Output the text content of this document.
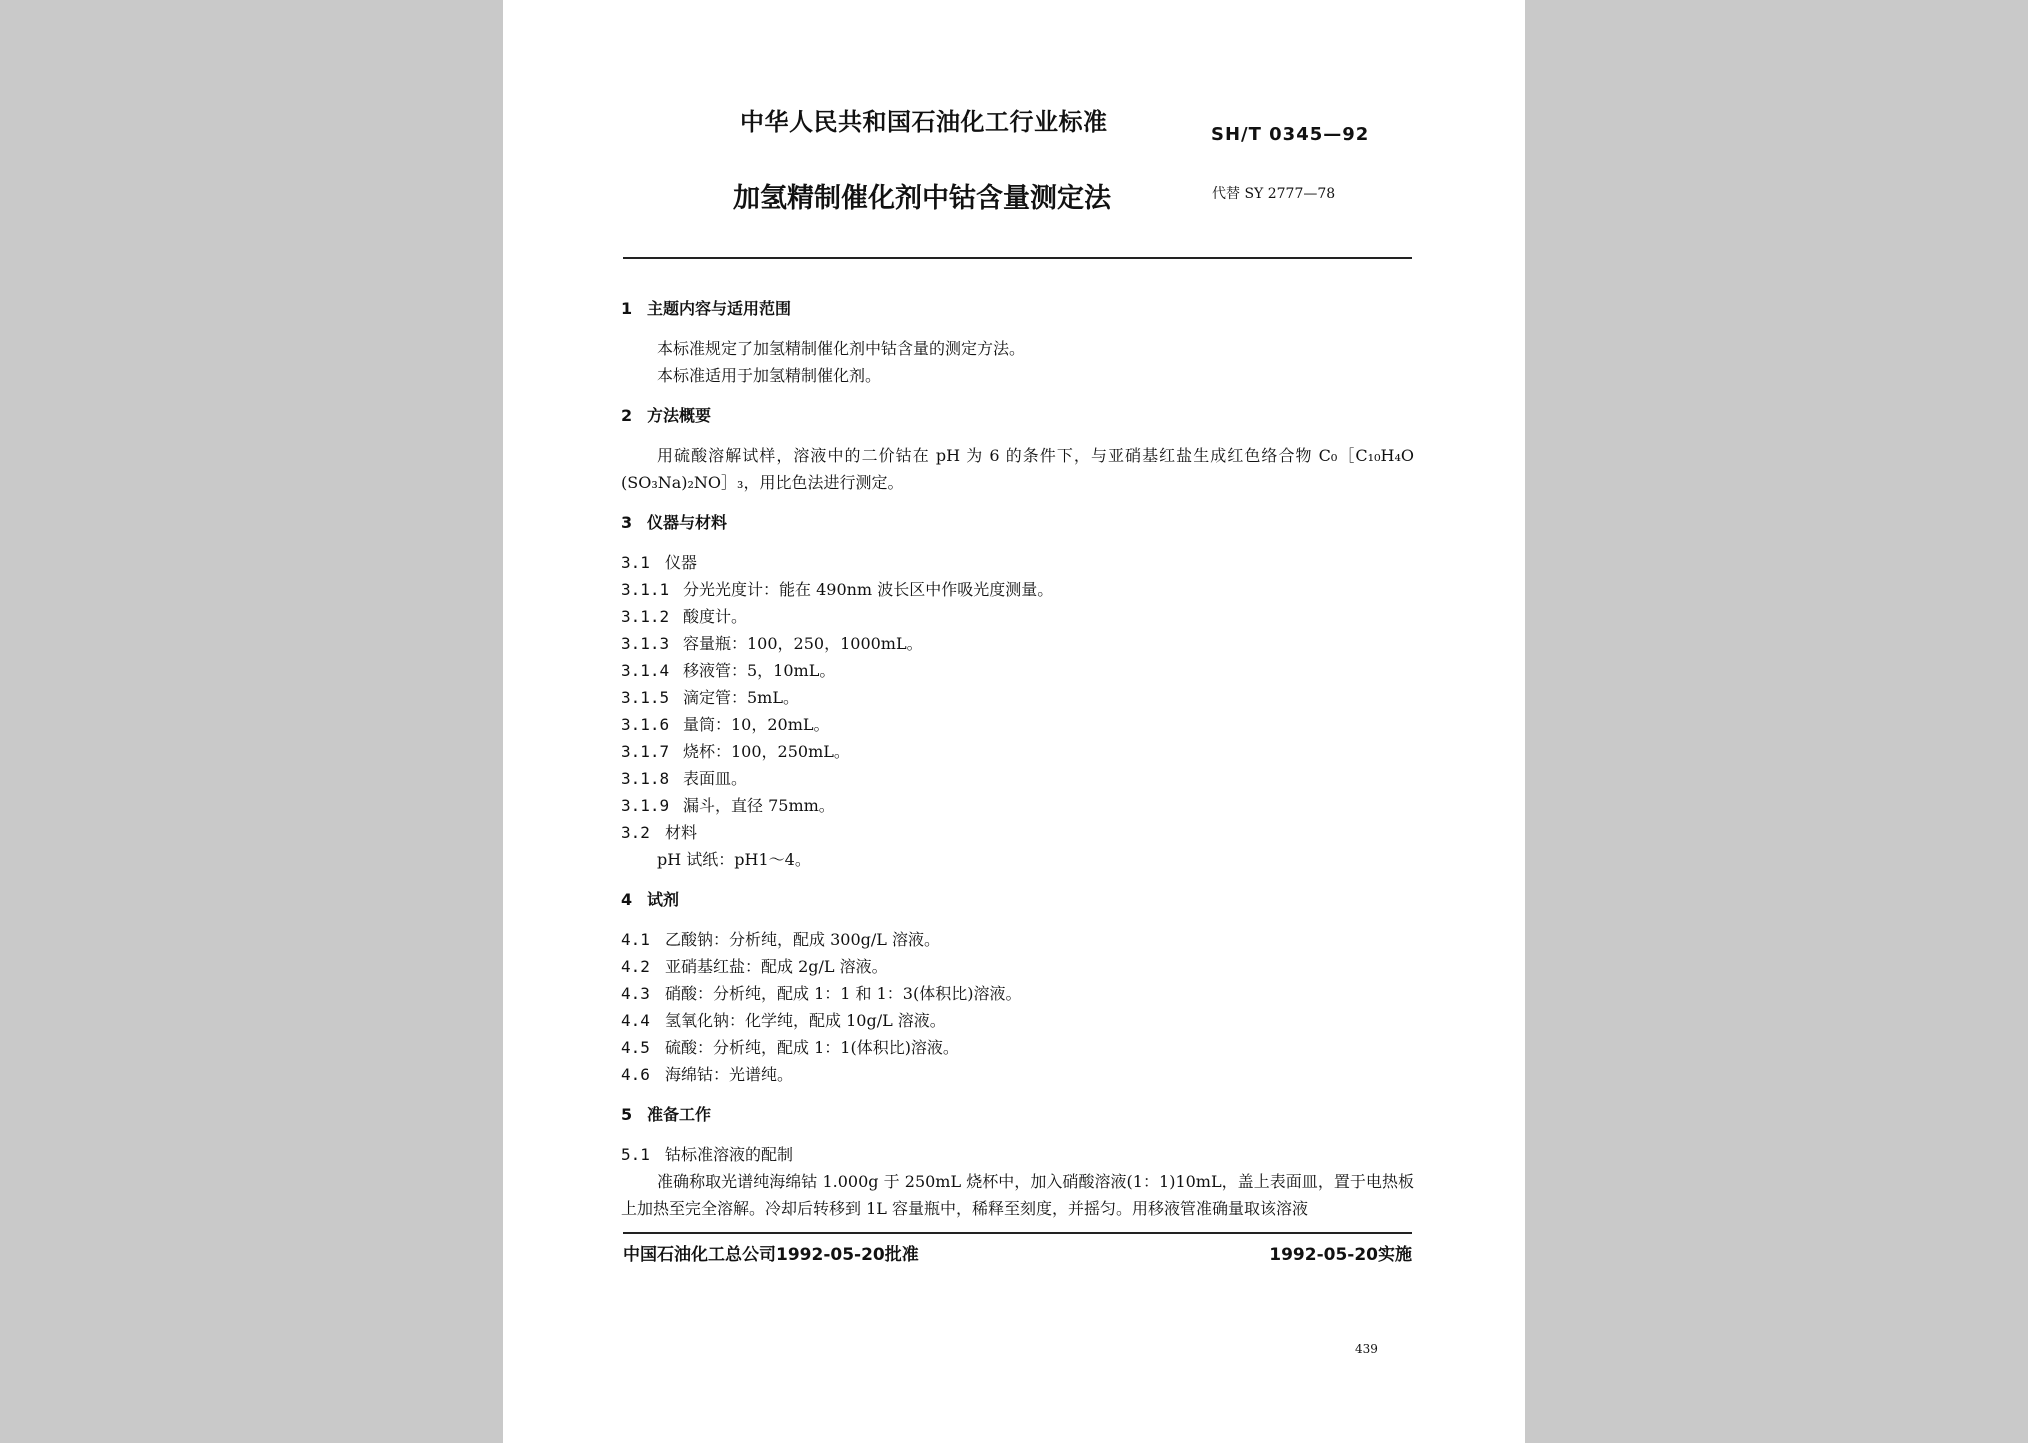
中华人民共和国石油化工行业标准	SH/T 0345—92
加氢精制催化剂中钴含量测定法	代替 SY 2777—78
1 主题内容与适用范围
本标准规定了加氢精制催化剂中钴含量的测定方法。
本标准适用于加氢精制催化剂。
2 方法概要
用硫酸溶解试样，溶液中的二价钴在 pH 为 6 的条件下，与亚硝基红盐生成红色络合物 C₀［C₁₀H₄O (SO₃Na)₂NO］₃，用比色法进行测定。
3 仪器与材料
3.1 仪器
3.1.1 分光光度计：能在 490nm 波长区中作吸光度测量。
3.1.2 酸度计。
3.1.3 容量瓶：100，250，1000mL。
3.1.4 移液管：5，10mL。
3.1.5 滴定管：5mL。
3.1.6 量筒：10，20mL。
3.1.7 烧杯：100，250mL。
3.1.8 表面皿。
3.1.9 漏斗，直径 75mm。
3.2 材料
pH 试纸：pH1～4。
4 试剂
4.1 乙酸钠：分析纯，配成 300g/L 溶液。
4.2 亚硝基红盐：配成 2g/L 溶液。
4.3 硝酸：分析纯，配成 1：1 和 1：3(体积比)溶液。
4.4 氢氧化钠：化学纯，配成 10g/L 溶液。
4.5 硫酸：分析纯，配成 1：1(体积比)溶液。
4.6 海绵钴：光谱纯。
5 准备工作
5.1 钴标准溶液的配制
准确称取光谱纯海绵钴 1.000g 于 250mL 烧杯中，加入硝酸溶液(1：1)10mL，盖上表面皿，置于电热板上加热至完全溶解。冷却后转移到 1L 容量瓶中，稀释至刻度，并摇匀。用移液管准确量取该溶液
中国石油化工总公司1992-05-20批准	1992-05-20实施
439
